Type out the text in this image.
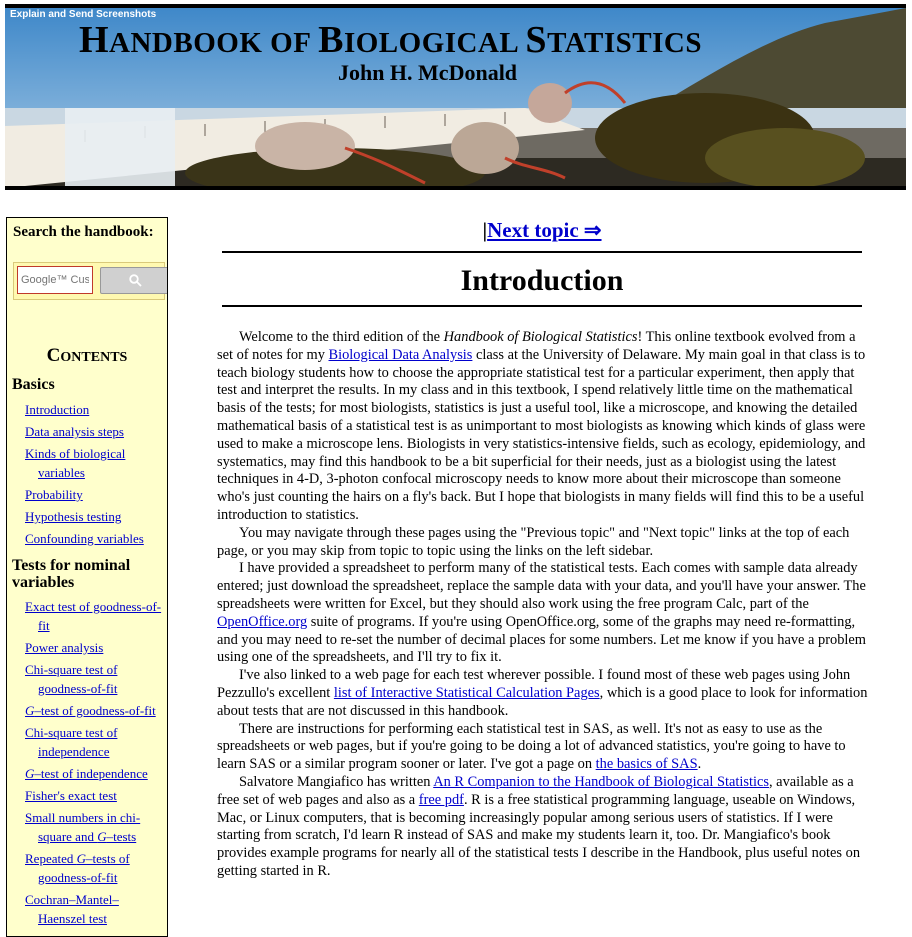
Explain and Send Screenshots
HANDBOOK OF BIOLOGICAL STATISTICS
John H. McDonald
Search the handbook:
Google™ Custom Search
CONTENTS
Basics
Introduction
Data analysis steps
Kinds of biological variables
Probability
Hypothesis testing
Confounding variables
Tests for nominal variables
Exact test of goodness-of-fit
Power analysis
Chi-square test of goodness-of-fit
G–test of goodness-of-fit
Chi-square test of independence
G–test of independence
Fisher's exact test
Small numbers in chi-square and G–tests
Repeated G–tests of goodness-of-fit
Cochran–Mantel–Haenszel test
|Next topic ⇒
Introduction

Welcome to the third edition of the Handbook of Biological Statistics! This online textbook evolved from a set of notes for my Biological Data Analysis class at the University of Delaware. My main goal in that class is to teach biology students how to choose the appropriate statistical test for a particular experiment, then apply that test and interpret the results. In my class and in this textbook, I spend relatively little time on the mathematical basis of the tests; for most biologists, statistics is just a useful tool, like a microscope, and knowing the detailed mathematical basis of a statistical test is as unimportant to most biologists as knowing which kinds of glass were used to make a microscope lens. Biologists in very statistics-intensive fields, such as ecology, epidemiology, and systematics, may find this handbook to be a bit superficial for their needs, just as a biologist using the latest techniques in 4-D, 3-photon confocal microscopy needs to know more about their microscope than someone who's just counting the hairs on a fly's back. But I hope that biologists in many fields will find this to be a useful introduction to statistics.

You may navigate through these pages using the "Previous topic" and "Next topic" links at the top of each page, or you may skip from topic to topic using the links on the left sidebar.

I have provided a spreadsheet to perform many of the statistical tests. Each comes with sample data already entered; just download the spreadsheet, replace the sample data with your data, and you'll have your answer. The spreadsheets were written for Excel, but they should also work using the free program Calc, part of the OpenOffice.org suite of programs. If you're using OpenOffice.org, some of the graphs may need re-formatting, and you may need to re-set the number of decimal places for some numbers. Let me know if you have a problem using one of the spreadsheets, and I'll try to fix it.

I've also linked to a web page for each test wherever possible. I found most of these web pages using John Pezzullo's excellent list of Interactive Statistical Calculation Pages, which is a good place to look for information about tests that are not discussed in this handbook.

There are instructions for performing each statistical test in SAS, as well. It's not as easy to use as the spreadsheets or web pages, but if you're going to be doing a lot of advanced statistics, you're going to have to learn SAS or a similar program sooner or later. I've got a page on the basics of SAS.

Salvatore Mangiafico has written An R Companion to the Handbook of Biological Statistics, available as a free set of web pages and also as a free pdf. R is a free statistical programming language, useable on Windows, Mac, or Linux computers, that is becoming increasingly popular among serious users of statistics. If I were starting from scratch, I'd learn R instead of SAS and make my students learn it, too. Dr. Mangiafico's book provides example programs for nearly all of the statistical tests I describe in the Handbook, plus useful notes on getting started in R.
